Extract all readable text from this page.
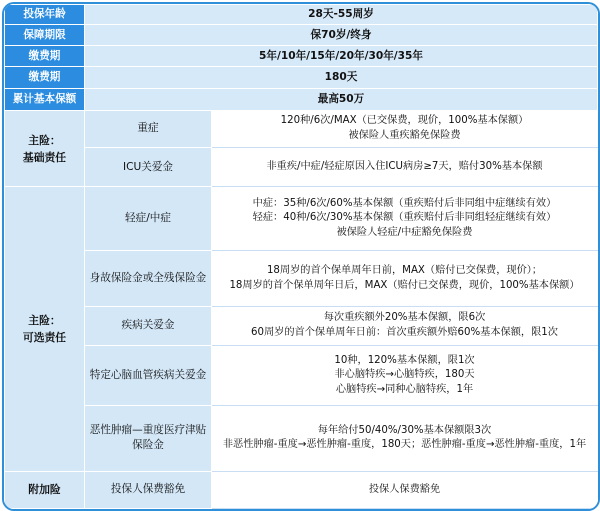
投保年龄	28天-55周岁	
保障期限	保70岁/终身	
缴费期	5年/10年/15年/20年/30年/35年	
缴费期	180天	
累计基本保额	最高50万	

主险：
基础责任	重症	120种/6次/MAX（已交保费，现价，100%基本保额）
被保险人重疾豁免保险费

	ICU关爱金	非重疾/中症/轻症原因入住ICU病房≥7天，赔付30%基本保额

主险：
可选责任	轻症/中症	中症：35种/6次/60%基本保额（重疾赔付后非同组中症继续有效）
轻症：40种/6次/30%基本保额（重疾赔付后非同组轻症继续有效）
被保险人轻症/中症豁免保险费

	身故保险金或全残保险金	18周岁的首个保单周年日前，MAX（赔付已交保费，现价）；
18周岁的首个保单周年日后，MAX（赔付已交保费，现价，100%基本保额）

	疾病关爱金	每次重疾额外20%基本保额，限6次
60周岁的首个保单周年日前：首次重疾额外赔60%基本保额，限1次

	特定心脑血管疾病关爱金	10种，120%基本保额，限1次
非心脑特疾→心脑特疾，180天
心脑特疾→同种心脑特疾，1年

	恶性肿瘤—重度医疗津贴保险金	每年给付50/40%/30%基本保额限3次
非恶性肿瘤-重度→恶性肿瘤-重度，180天；恶性肿瘤-重度→恶性肿瘤-重度，1年

附加险	投保人保费豁免	投保人保费豁免
